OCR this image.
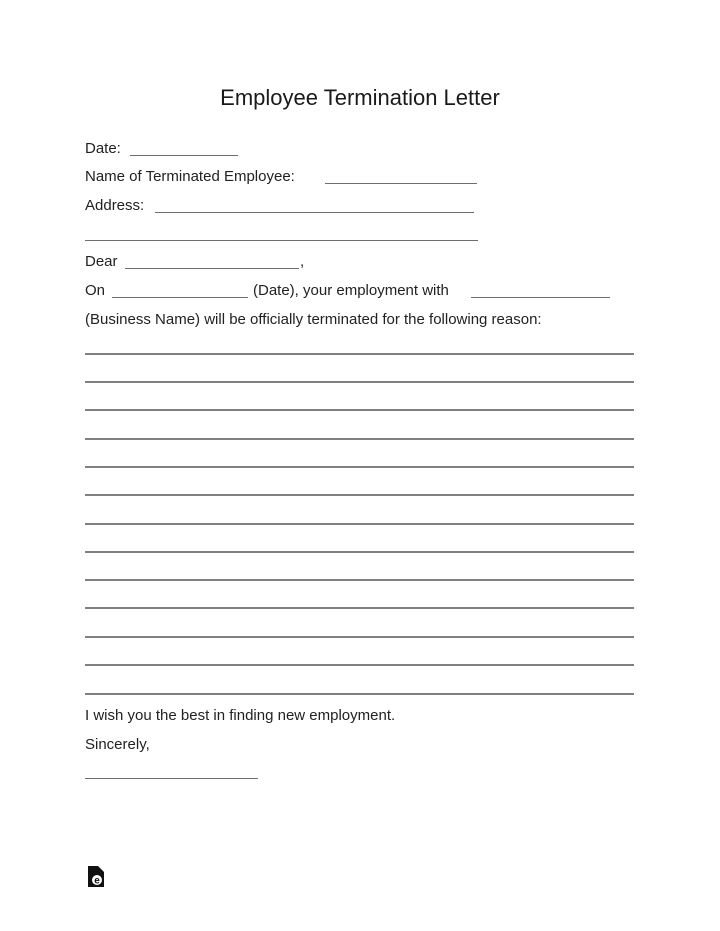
Employee Termination Letter
Date:
Name of Terminated Employee:
Address:
Dear	,
On	(Date), your employment with
(Business Name) will be officially terminated for the following reason:
I wish you the best in finding new employment.
Sincerely,
e
